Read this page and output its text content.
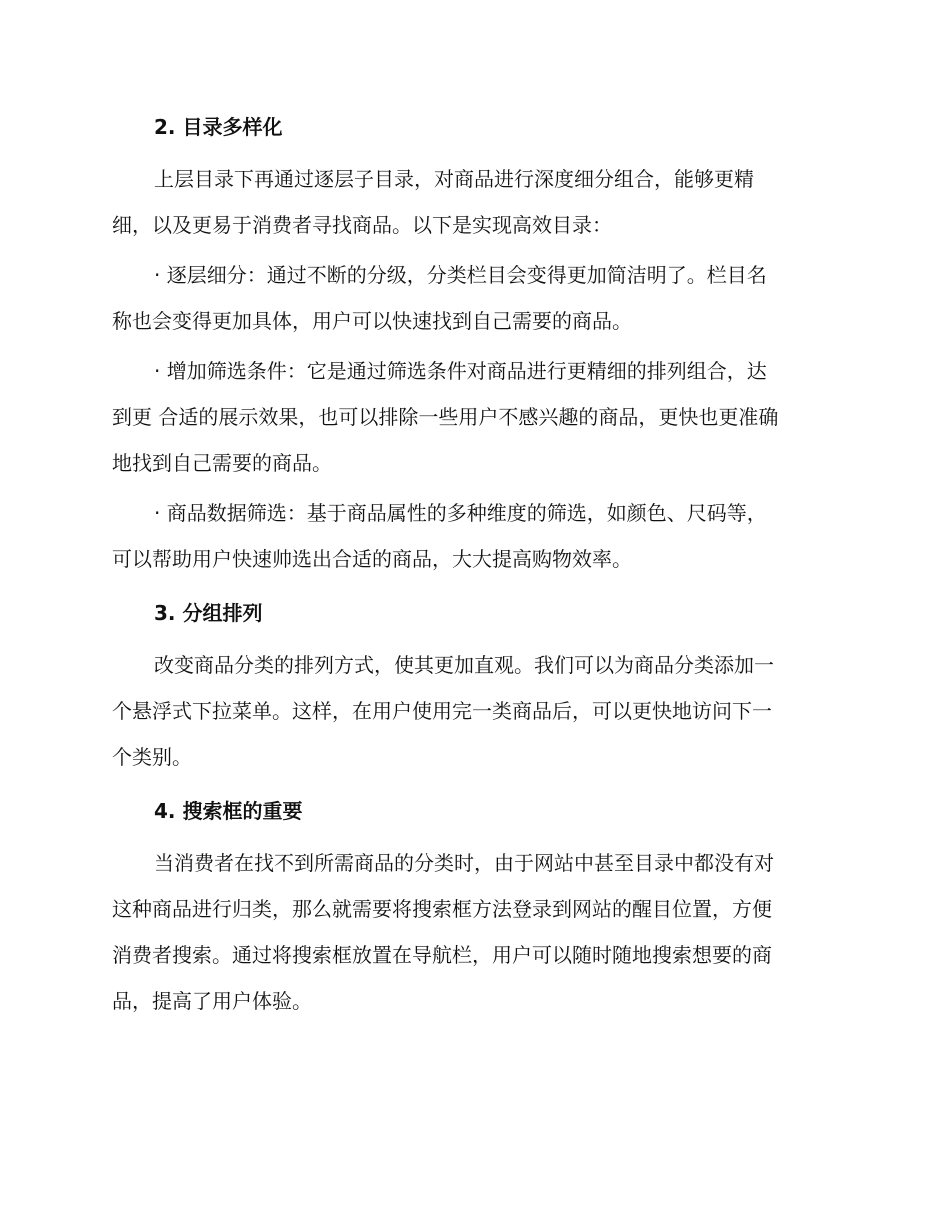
2. 目录多样化
上层目录下再通过逐层子目录，对商品进行深度细分组合，能够更精
细，以及更易于消费者寻找商品。以下是实现高效目录：
· 逐层细分：通过不断的分级，分类栏目会变得更加简洁明了。栏目名
称也会变得更加具体，用户可以快速找到自己需要的商品。
· 增加筛选条件：它是通过筛选条件对商品进行更精细的排列组合，达
到更 合适的展示效果，也可以排除一些用户不感兴趣的商品，更快也更准确
地找到自己需要的商品。
· 商品数据筛选：基于商品属性的多种维度的筛选，如颜色、尺码等，
可以帮助用户快速帅选出合适的商品，大大提高购物效率。
3. 分组排列
改变商品分类的排列方式，使其更加直观。我们可以为商品分类添加一
个悬浮式下拉菜单。这样，在用户使用完一类商品后，可以更快地访问下一
个类别。
4. 搜索框的重要
当消费者在找不到所需商品的分类时，由于网站中甚至目录中都没有对
这种商品进行归类，那么就需要将搜索框方法登录到网站的醒目位置，方便
消费者搜索。通过将搜索框放置在导航栏，用户可以随时随地搜索想要的商
品，提高了用户体验。
